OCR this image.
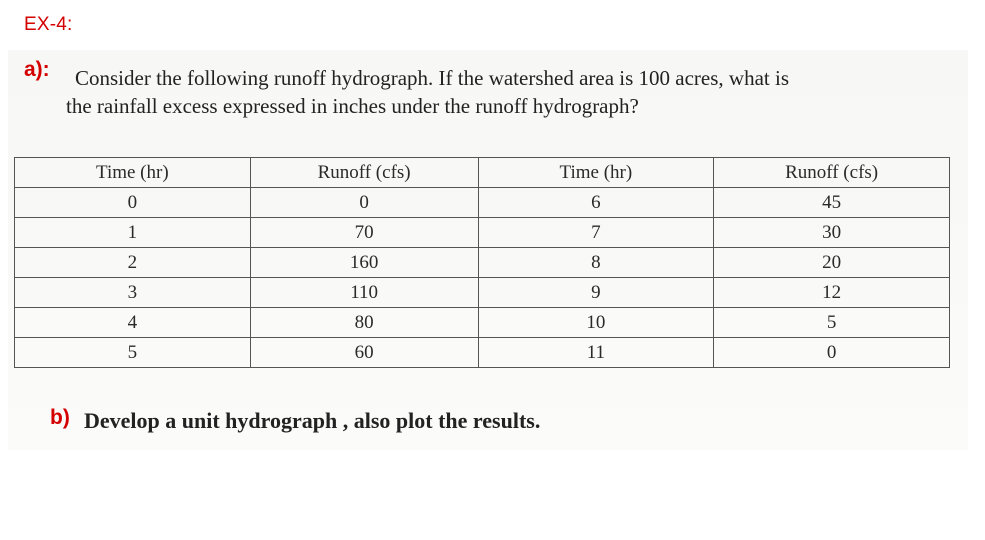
EX-4:
a):	Consider the following runoff hydrograph. If the watershed area is 100 acres, what is
the rainfall excess expressed in inches under the runoff hydrograph?
Time (hr)	Runoff (cfs)	Time (hr)	Runoff (cfs)
0	0	6	45
1	70	7	30
2	160	8	20
3	110	9	12
4	80	10	5
5	60	11	0
b) Develop a unit hydrograph , also plot the results.
